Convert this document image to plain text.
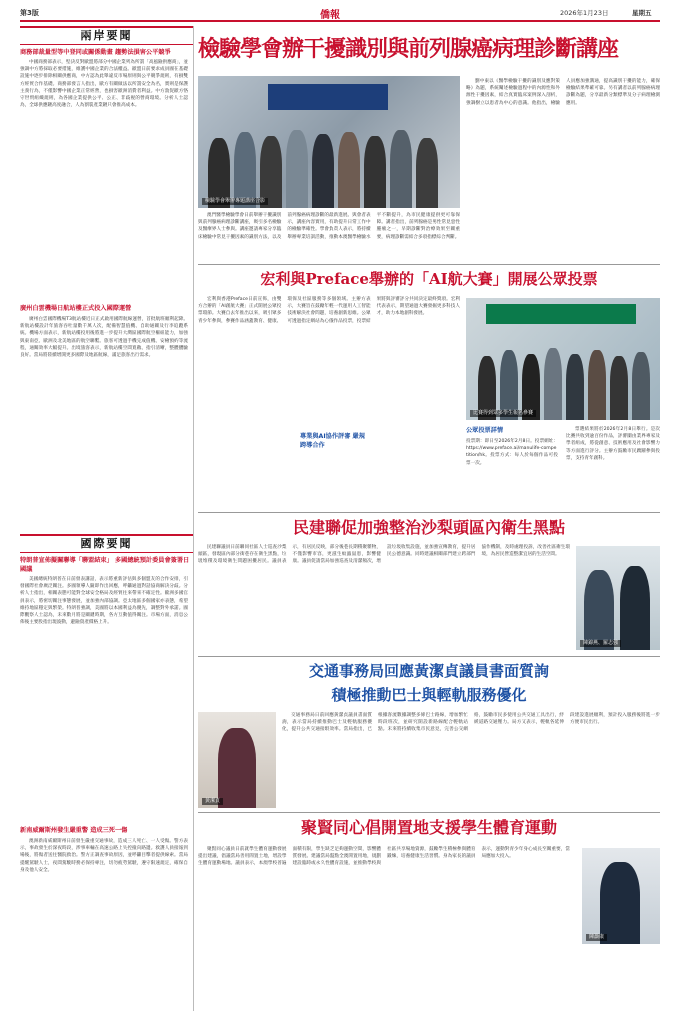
第3版	僑報	2026年1月23日	星期五
兩岸要聞
商務部裁量型等中登同或關係動畫 趨勢法損害公平競爭
中國商務部表示，堅決反對歐盟將部分中國企業列為所謂「高風險供應商」，並強調中方將採取必要措施，維護中國企業的合法權益。歐盟日前要求成員國在基礎設施中逐步排除相關供應商，中方認為此舉違反市場原則與公平競爭規則，有損雙方經貿合作基礎。商務部發言人指出，歐方有關做法以所謂安全為名，實則是保護主義行為，不僅影響中國企業正常經營，也損害歐洲消費者利益。中方敦促歐方恪守世貿組織規則，為各國企業提供公平、公正、非歧視的營商環境。分析人士認為，全球供應鏈高度融合，人為割裂產業鏈只會推高成本。
廣州白雲機場日航站樓正式投入國際運營
廣州白雲國際機場T3航站樓近日正式啟用國際航線運營，首批航班順利起降。新航站樓設計年旅客吞吐量數千萬人次，配備智慧值機、自助通關及行李追蹤系統。機場方面表示，新航站樓投用後將進一步提升大灣區國際航空樞紐能力，加強與東南亞、歐洲及北美地區的航空聯繫。旅客可透過手機完成值機、安檢預約等流程，通關效率大幅提升。出境旅客表示，新航站樓空間寬敞、指引清晰，整體體驗良好。當局將陸續增開更多國際及地區航線，滿足旅客出行需求。
國際要聞
特朗普宣佈擬關聯導「聯盟結束」 多國總統預計委員會簽署日國議
美國總統特朗普在日前發表講話，表示將重新評估與多個盟友的合作安排，引發國際社會廣泛關注。多國領導人隨即作出回應，呼籲通過對話協商解決分歧。分析人士指出，相關表態可能對全球安全格局及經貿往來帶來不確定性。歐洲多國官員表示，將密切關注事態發展，並加強內部協調。亞太地區多個國家亦表態，希望維持地區穩定與繁榮。特朗普強調，美國將以本國利益為優先，調整對外承諾。國際觀察人士認為，未來數月將是關鍵時期，各方互動值得關注。市場方面，消息公佈後主要股指出現波動，避險資產價格上升。
新南威爾斯州發生嚴重警 造成三死一傷
澳洲新南威爾斯州日前發生嚴重交通事故，造成三人死亡、一人受傷。警方表示，事故發生於深夜時段，涉事車輛在高速公路上失控撞向路邊。救護人員接報到場後，將傷者送往醫院救治。警方正調查事故原因，並呼籲目擊者提供線索。當局提醒駕駛人士，夜間駕駛時務必保持專注，切勿疲勞駕駛，遵守限速規定，確保自身及他人安全。
檢驗學會辦干擾識別與前列腺癌病理診斷講座
檢驗學會舉辦專題講座合影
澳門醫學檢驗學會日前舉辦干擾識別與前列腺癌病理診斷講座，吸引多名檢驗及醫療界人士參與。講座邀請專家分享臨床檢驗中常見干擾因素的識別方法，以及前列腺癌病理診斷的最新進展。與會者表示，講座內容實用，有助提升日常工作中的檢驗準確性。學會負責人表示，將持續舉辦專業培訓活動，推動本澳醫學檢驗水平不斷提升，為市民健康提供更可靠保障。講者指出，前列腺癌是男性常見惡性腫瘤之一，早期診斷對治療效果至關重要，病理診斷需結合多項指標綜合判斷。
劉中東以《醫學檢驗干擾的識別及應對策略》為題，系統闡述檢驗過程中的內源性和外源性干擾因素，結合真實臨床案例深入剖析，強調樹立以患者為中心的意識。他指出，檢驗人員應加強溝通，提高識別干擾的能力，確保檢驗結果準確可靠。另有講者以前列腺癌病理診斷為題，分享最新分類標準及分子病理檢測應用。
宏利與Preface舉辦的「AI航大賽」開展公眾投票
宏利與香港Preface日前宣佈，由雙方合辦的「AI創航大賽」正式開展公眾投票環節。大賽自去年推出以來，吸引眾多青少年參與，參賽作品涵蓋教育、健康、環保及社區服務等多個領域。主辦方表示，大賽旨在鼓勵年輕一代運用人工智能技術解決社會問題，培養創新思維。公眾可透過指定網站為心儀作品投票，投票結果將與評審評分共同決定最終獎項。宏利代表表示，期望通過大賽發掘更多科技人才，助力本地創科發展。
專業與AI協作評審 嚴規跨導合作
比賽得到眾多學生報名參賽
公眾投票詳情
投票期：即日至2026年2月8日。投票網址：https://www.preface.ai/manulife-competition/hk。投票方式：每人於每個作品可投票一次。
票選結果將於2026年2月8日舉行。是次比賽共收到逾百份作品，評審團由業界專家及學者組成，將從創意、技術應用及社會影響力等方面進行評分。主辦方鼓勵市民踴躍參與投票，支持青年創科。
民建聯促加強整治沙梨頭區內衛生黑點
民建聯議員日前聯同社區人士巡查沙梨頭區，發現區內部分街巷存在衛生黑點，垃圾堆積及環境衛生問題困擾居民。議員表示，有居民反映，部分後巷長期積聚雜物，不僅影響市容，更滋生蚊蟲鼠患，影響健康。議員促請當局加強巡查及清潔頻次，增設垃圾收集設施，並加強宣傳教育，提升居民公德意識。同時建議相關部門建立跨部門協作機制，及時處理投訴，改善社區衛生環境，為居民營造整潔宜居的生活空間。
陳錦燕、羅志強
交通事務局回應黃潔貞議員書面質詢
積極推動巴士與輕軌服務優化
黃潔貞
交通事務局日前回應黃潔貞議員書面質詢，表示當局持續推動巴士及輕軌服務優化，提升公共交通接駁效率。當局指出，已根據客流數據調整多條巴士路線，增加繁忙時段班次，並研究開設新路線配合輕軌站點。未來將持續收集市民意見，完善公交網絡，鼓勵市民多使用公共交通工具出行，紓緩道路交通壓力。局方又表示，輕軌各延伸段建設進展順利，預計投入服務後將進一步方便市民出行。
聚賢同心倡開置地支援學生體育運動
聚賢同心議員日前就學生體育運動發展提出建議，倡議當局善用閒置土地，增設學生體育運動場地。議員表示，本澳學校普遍面積有限，學生缺乏足夠運動空間，影響體質發展。建議當局盤點全澳閒置用地，規劃建設臨時或永久性體育設施，並推動學校與社區共享場地資源，鼓勵學生積極參與體育鍛煉，培養健康生活習慣。身為家長的議員表示，運動對青少年身心成長至關重要，當局應加大投入。
陳灝康
